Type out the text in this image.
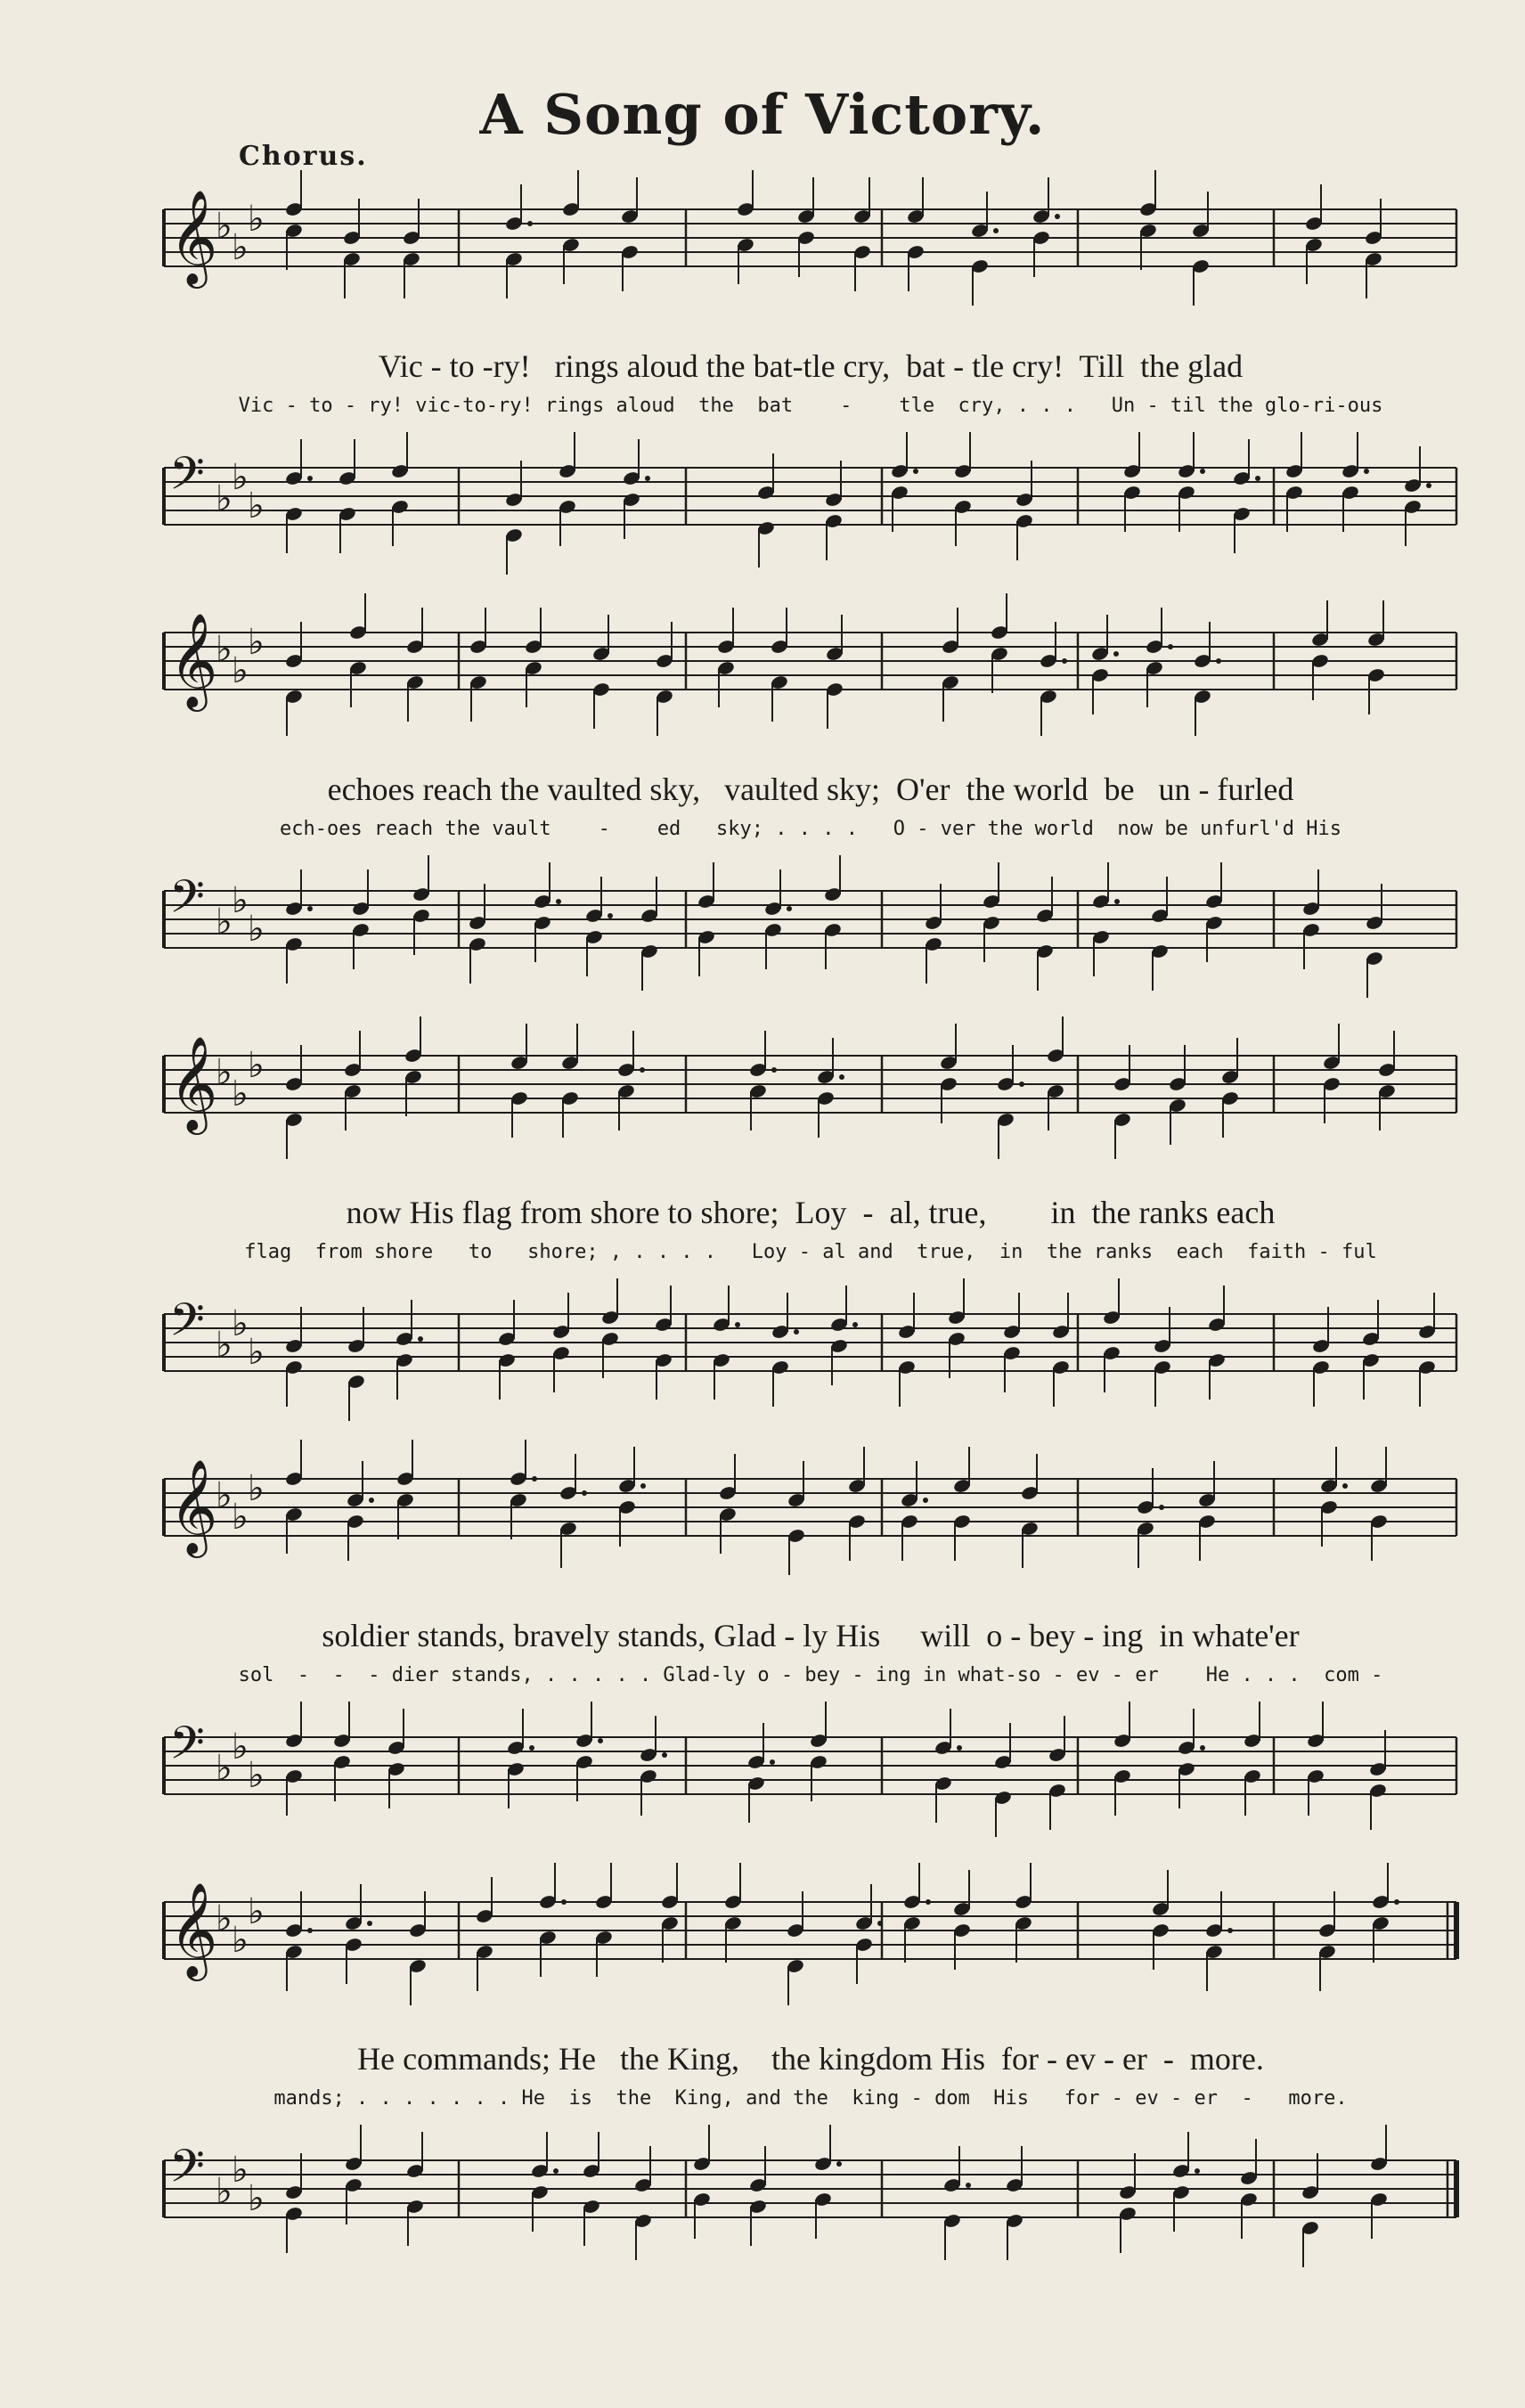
A Song of Victory.
Chorus.
𝄞
♭
♭
♭
Vic - to -ry!   rings aloud the bat-tle cry,  bat - tle cry!  Till  the glad
Vic - to - ry! vic-to-ry! rings aloud  the  bat    -    tle  cry, . . .   Un - til the glo-ri-ous
𝄢 ♭
♭
♭
𝄞
♭
♭
♭
echoes reach the vaulted sky,   vaulted sky;  O'er  the world  be   un - furled
ech-oes reach the vault    -    ed   sky; . . . .   O - ver the world  now be unfurl'd His
𝄢 ♭
♭
♭
𝄞
♭
♭
♭
now His flag from shore to shore;  Loy  -  al, true,        in  the ranks each
flag  from shore   to   shore; , . . . .   Loy - al and  true,  in  the ranks  each  faith - ful
𝄢 ♭
♭
♭
𝄞
♭
♭
♭
soldier stands, bravely stands, Glad - ly His     will  o - bey - ing  in whate'er
sol  -  -  - dier stands, . . . . . Glad-ly o - bey - ing in what-so - ev - er    He . . .  com -
𝄢 ♭
♭
♭
𝄞
♭
♭
♭
He commands; He   the King,    the kingdom His  for - ev - er  -  more.
mands; . . . . . . . He  is  the  King, and the  king - dom  His   for - ev - er  -   more.
𝄢 ♭
♭
♭
